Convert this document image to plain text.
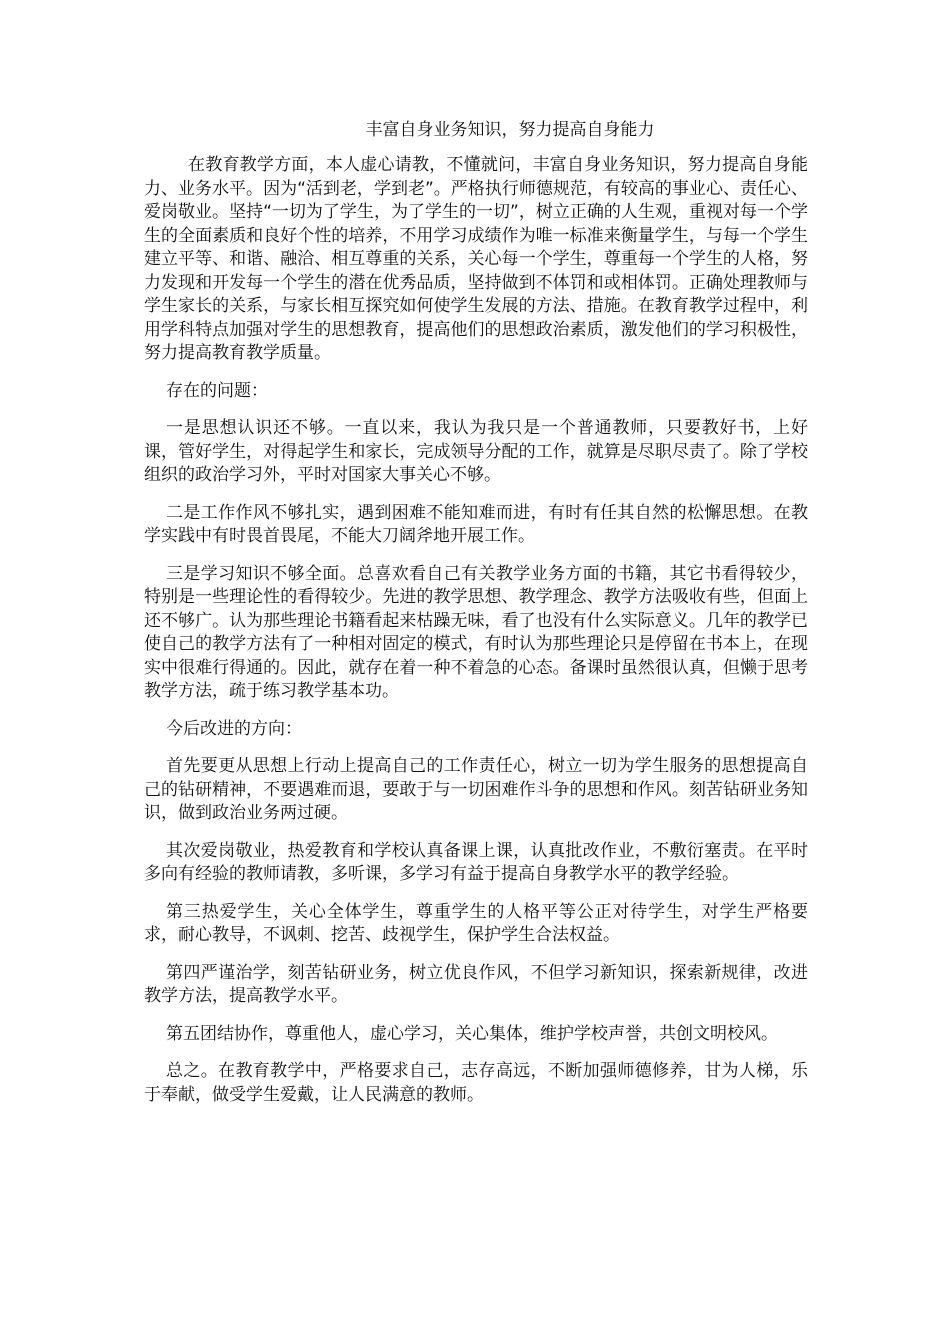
丰富自身业务知识，努力提高自身能力

在教育教学方面，本人虚心请教，不懂就问，丰富自身业务知识，努力提高自身能力、业务水平。因为“活到老，学到老”。严格执行师德规范，有较高的事业心、责任心、爱岗敬业。坚持“一切为了学生，为了学生的一切”，树立正确的人生观，重视对每一个学生的全面素质和良好个性的培养，不用学习成绩作为唯一标准来衡量学生，与每一个学生建立平等、和谐、融洽、相互尊重的关系，关心每一个学生，尊重每一个学生的人格，努力发现和开发每一个学生的潜在优秀品质，坚持做到不体罚和或相体罚。正确处理教师与学生家长的关系，与家长相互探究如何使学生发展的方法、措施。在教育教学过程中，利用学科特点加强对学生的思想教育，提高他们的思想政治素质，激发他们的学习积极性，努力提高教育教学质量。

存在的问题：

一是思想认识还不够。一直以来，我认为我只是一个普通教师，只要教好书，上好课，管好学生，对得起学生和家长，完成领导分配的工作，就算是尽职尽责了。除了学校组织的政治学习外，平时对国家大事关心不够。

二是工作作风不够扎实，遇到困难不能知难而进，有时有任其自然的松懈思想。在教学实践中有时畏首畏尾，不能大刀阔斧地开展工作。

三是学习知识不够全面。总喜欢看自己有关教学业务方面的书籍，其它书看得较少，特别是一些理论性的看得较少。先进的教学思想、教学理念、教学方法吸收有些，但面上还不够广。认为那些理论书籍看起来枯躁无味，看了也没有什么实际意义。几年的教学已使自己的教学方法有了一种相对固定的模式，有时认为那些理论只是停留在书本上，在现实中很难行得通的。因此，就存在着一种不着急的心态。备课时虽然很认真，但懒于思考教学方法，疏于练习教学基本功。

今后改进的方向：

首先要更从思想上行动上提高自己的工作责任心，树立一切为学生服务的思想提高自己的钻研精神，不要遇难而退，要敢于与一切困难作斗争的思想和作风。刻苦钻研业务知识，做到政治业务两过硬。

其次爱岗敬业，热爱教育和学校认真备课上课，认真批改作业，不敷衍塞责。在平时多向有经验的教师请教，多听课，多学习有益于提高自身教学水平的教学经验。

第三热爱学生，关心全体学生，尊重学生的人格平等公正对待学生，对学生严格要求，耐心教导，不讽刺、挖苦、歧视学生，保护学生合法权益。

第四严谨治学，刻苦钻研业务，树立优良作风，不但学习新知识，探索新规律，改进教学方法，提高教学水平。

第五团结协作，尊重他人，虚心学习，关心集体，维护学校声誉，共创文明校风。

总之。在教育教学中，严格要求自己，志存高远，不断加强师德修养，甘为人梯，乐于奉献，做受学生爱戴，让人民满意的教师。
